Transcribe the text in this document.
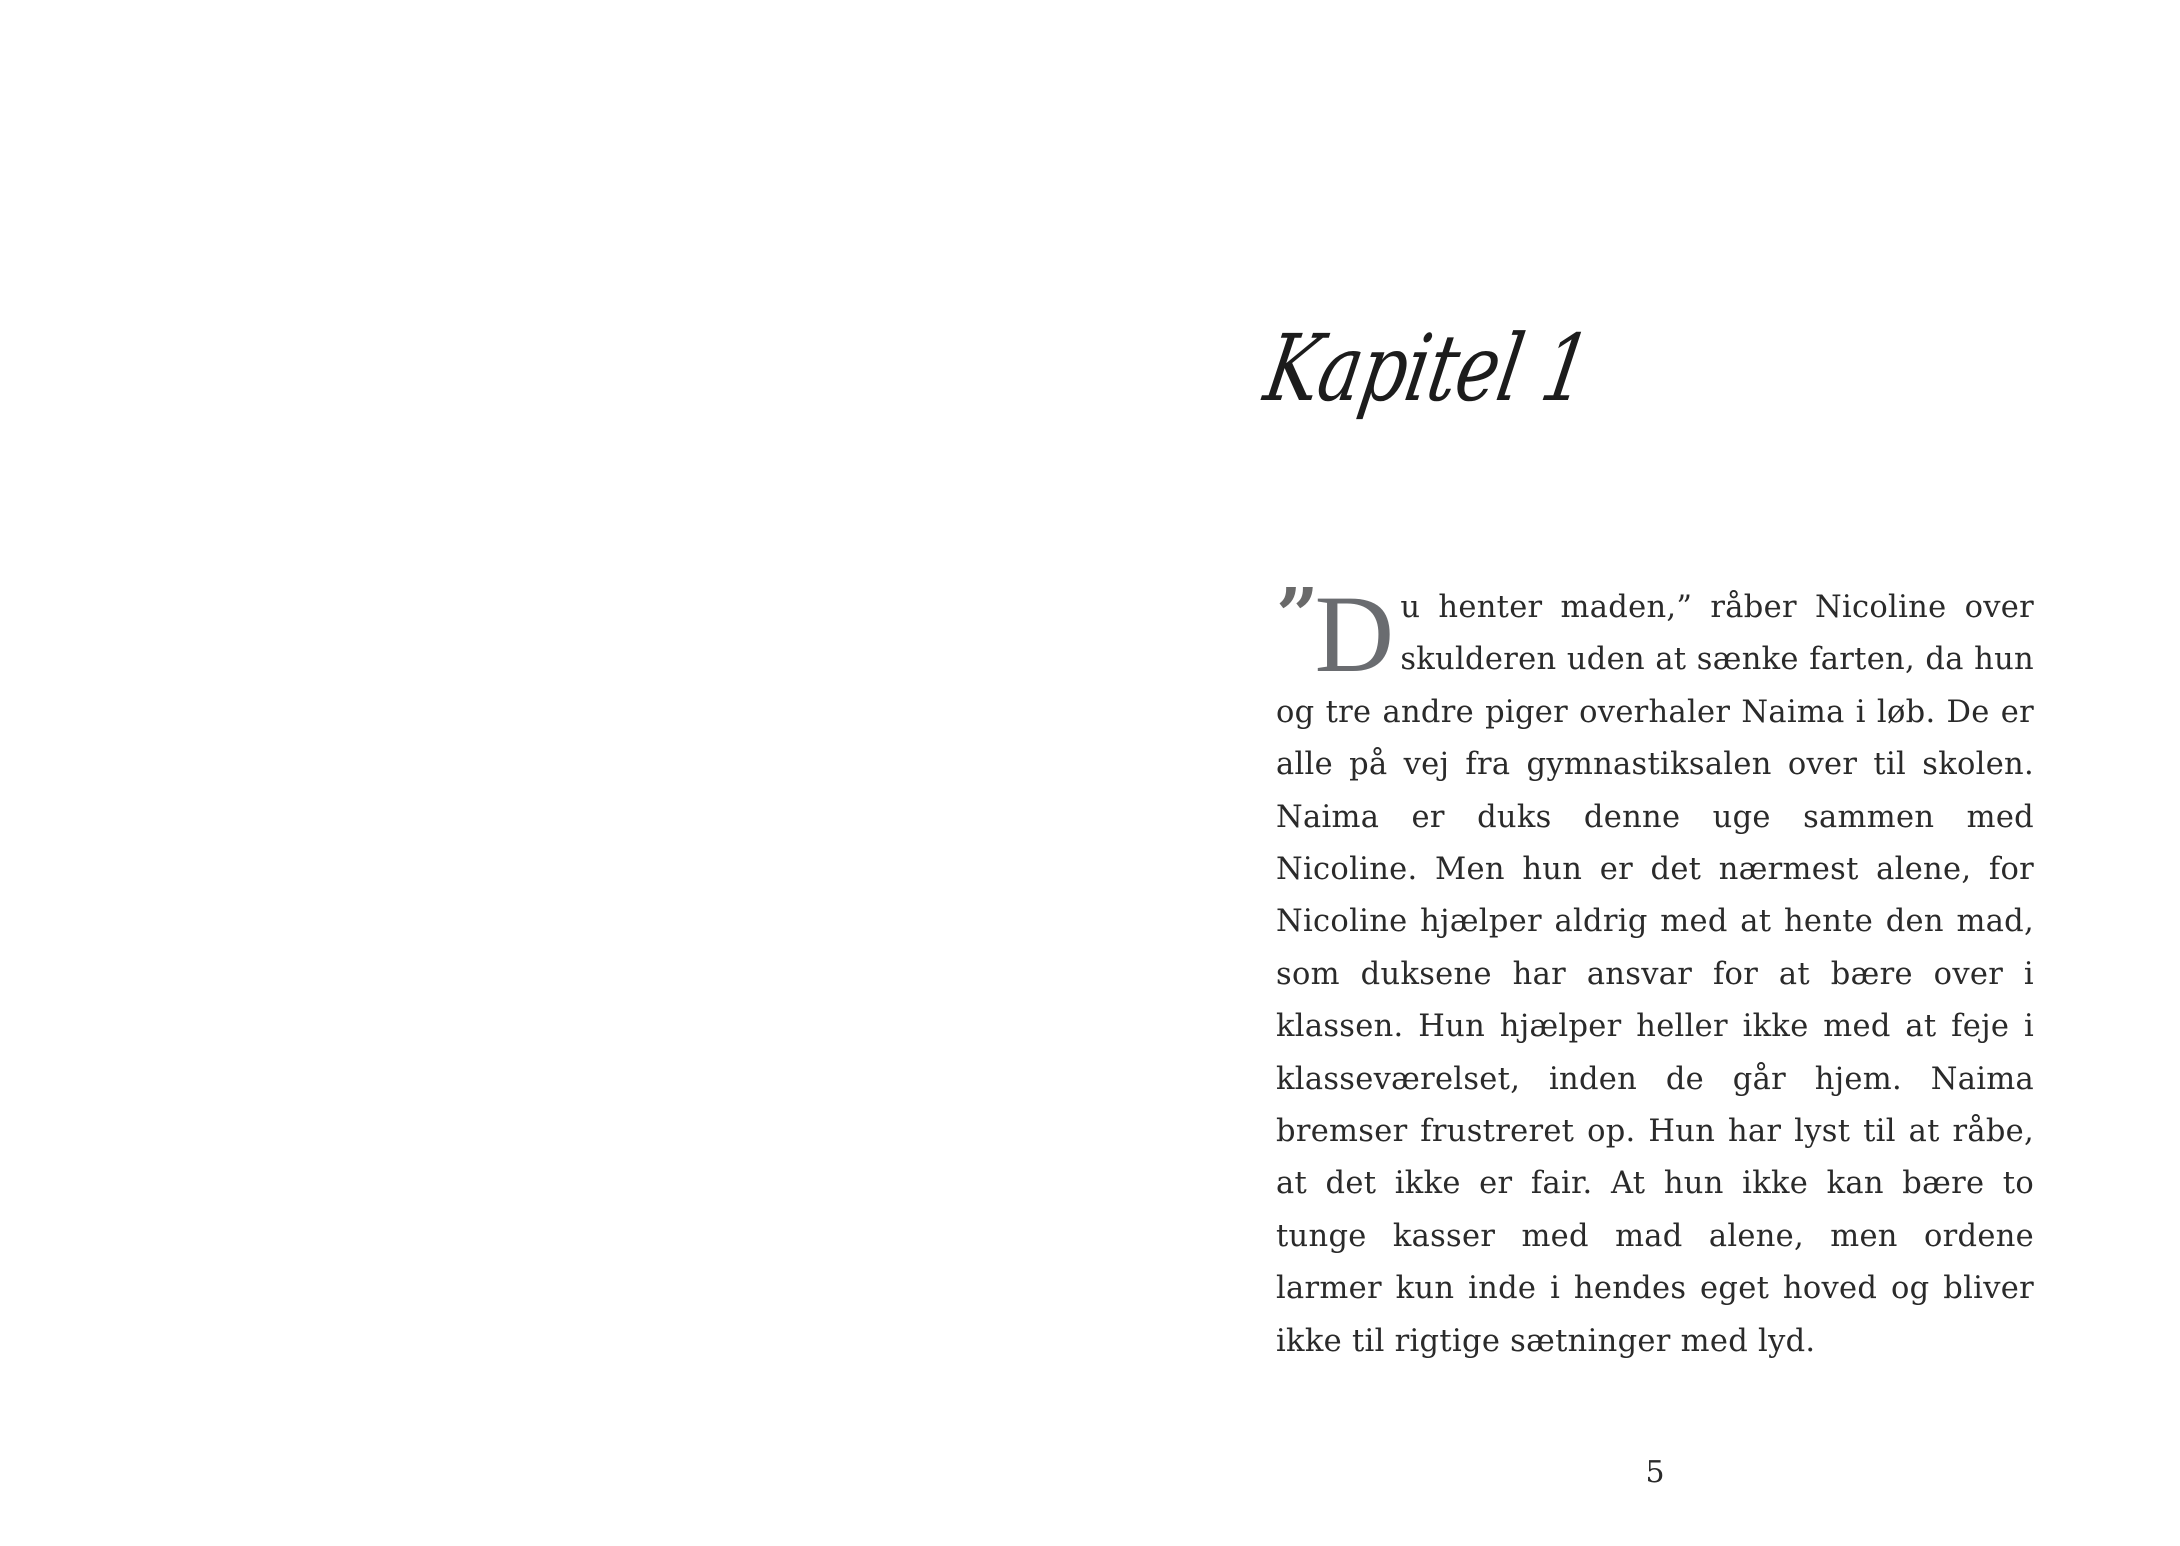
Kapitel 1

” D u henter maden,” råber Nicoline over skulderen uden at sænke farten, da hun og tre andre piger overhaler Naima i løb. De er alle på vej fra gymnastiksalen over til skolen. Naima er duks denne uge sammen med Nicoline. Men hun er det nærmest alene, for Nicoline hjælper aldrig med at hente den mad, som duksene har ansvar for at bære over i klassen. Hun hjælper heller ikke med at feje i klasseværelset, inden de går hjem. Naima bremser frustreret op. Hun har lyst til at råbe, at det ikke er fair. At hun ikke kan bære to tunge kasser med mad alene, men ordene larmer kun inde i hendes eget hoved og bliver ikke til rigtige sætninger med lyd.

5
